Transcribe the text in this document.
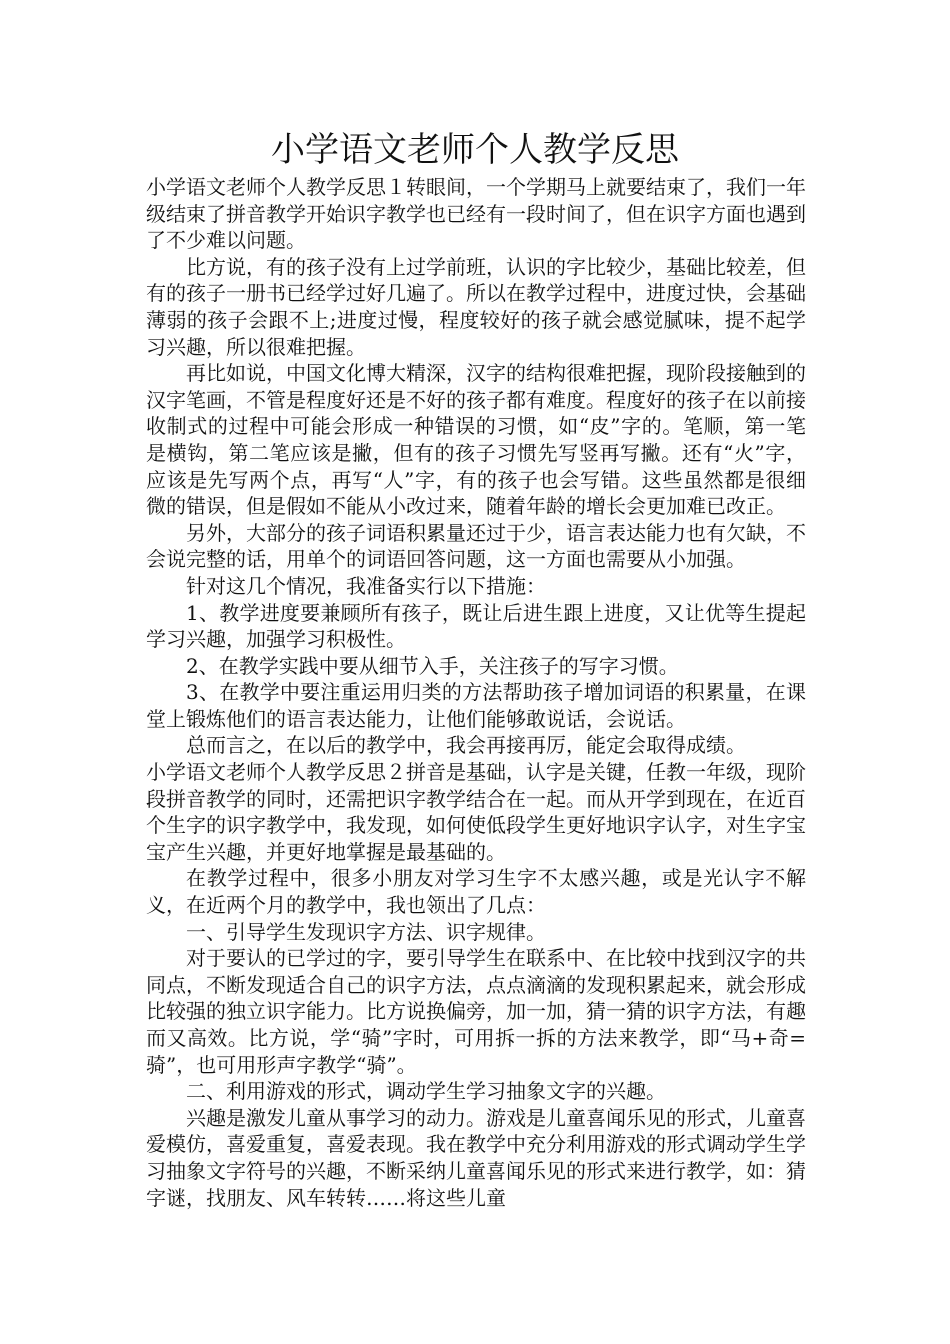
小学语文老师个人教学反思

小学语文老师个人教学反思１转眼间，一个学期马上就要结束了，我们一年级结束了拼音教学开始识字教学也已经有一段时间了，但在识字方面也遇到了不少难以问题。

比方说，有的孩子没有上过学前班，认识的字比较少，基础比较差，但有的孩子一册书已经学过好几遍了。所以在教学过程中，进度过快，会基础薄弱的孩子会跟不上;进度过慢，程度较好的孩子就会感觉腻味，提不起学习兴趣，所以很难把握。

再比如说，中国文化博大精深，汉字的结构很难把握，现阶段接触到的汉字笔画，不管是程度好还是不好的孩子都有难度。程度好的孩子在以前接收制式的过程中可能会形成一种错误的习惯，如“皮”字的。笔顺，第一笔是横钩，第二笔应该是撇，但有的孩子习惯先写竖再写撇。还有“火”字，应该是先写两个点，再写“人”字，有的孩子也会写错。这些虽然都是很细微的错误，但是假如不能从小改过来，随着年龄的增长会更加难已改正。

另外，大部分的孩子词语积累量还过于少，语言表达能力也有欠缺，不会说完整的话，用单个的词语回答问题，这一方面也需要从小加强。

针对这几个情况，我准备实行以下措施：

1、教学进度要兼顾所有孩子，既让后进生跟上进度，又让优等生提起学习兴趣，加强学习积极性。

2、在教学实践中要从细节入手，关注孩子的写字习惯。

3、在教学中要注重运用归类的方法帮助孩子增加词语的积累量，在课堂上锻炼他们的语言表达能力，让他们能够敢说话，会说话。

总而言之，在以后的教学中，我会再接再厉，能定会取得成绩。

小学语文老师个人教学反思２拼音是基础，认字是关键，任教一年级，现阶段拼音教学的同时，还需把识字教学结合在一起。而从开学到现在，在近百个生字的识字教学中，我发现，如何使低段学生更好地识字认字，对生字宝宝产生兴趣，并更好地掌握是最基础的。

在教学过程中，很多小朋友对学习生字不太感兴趣，或是光认字不解义，在近两个月的教学中，我也领出了几点：

一、引导学生发现识字方法、识字规律。

对于要认的已学过的字，要引导学生在联系中、在比较中找到汉字的共同点，不断发现适合自己的识字方法，点点滴滴的发现积累起来，就会形成比较强的独立识字能力。比方说换偏旁，加一加，猜一猜的识字方法，有趣而又高效。比方说，学“骑”字时，可用拆一拆的方法来教学，即“马+奇=骑”，也可用形声字教学“骑”。

二、利用游戏的形式，调动学生学习抽象文字的兴趣。

兴趣是激发儿童从事学习的动力。游戏是儿童喜闻乐见的形式，儿童喜爱模仿，喜爱重复，喜爱表现。我在教学中充分利用游戏的形式调动学生学习抽象文字符号的兴趣，不断采纳儿童喜闻乐见的形式来进行教学，如：猜字谜，找朋友、风车转转……将这些儿童
